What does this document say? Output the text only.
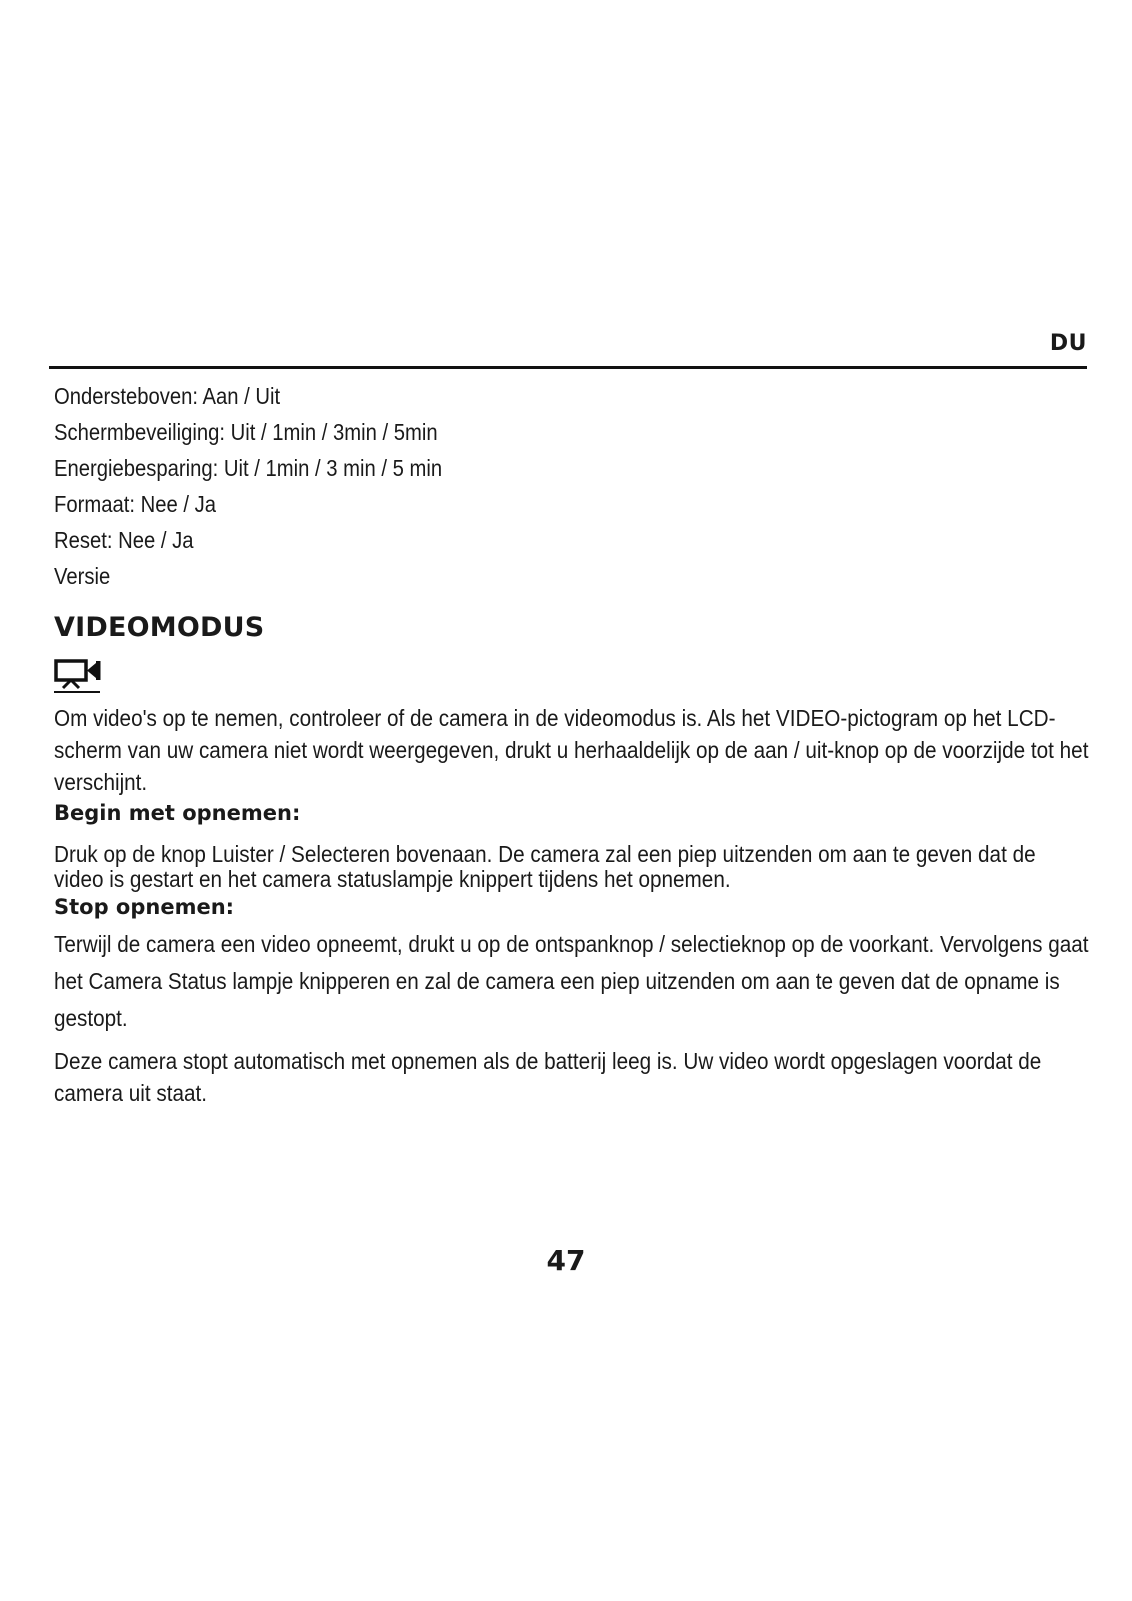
DU

Ondersteboven: Aan / Uit

Schermbeveiliging: Uit / 1min / 3min / 5min

Energiebesparing: Uit / 1min / 3 min / 5 min

Formaat: Nee / Ja

Reset: Nee / Ja

Versie

VIDEOMODUS

Om video's op te nemen, controleer of de camera in de videomodus is. Als het VIDEO-pictogram op het LCD-scherm van uw camera niet wordt weergegeven, drukt u herhaaldelijk op de aan / uit-knop op de voorzijde tot het verschijnt.

Begin met opnemen:

Druk op de knop Luister / Selecteren bovenaan. De camera zal een piep uitzenden om aan te geven dat de video is gestart en het camera statuslampje knippert tijdens het opnemen.

Stop opnemen:

Terwijl de camera een video opneemt, drukt u op de ontspanknop / selectieknop op de voorkant. Vervolgens gaat het Camera Status lampje knipperen en zal de camera een piep uitzenden om aan te geven dat de opname is gestopt.

Deze camera stopt automatisch met opnemen als de batterij leeg is. Uw video wordt opgeslagen voordat de camera uit staat.

47
